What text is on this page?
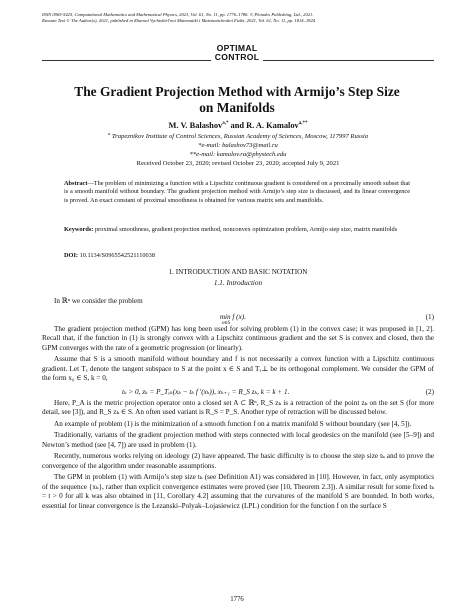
ISSN 0965-5425, Computational Mathematics and Mathematical Physics, 2021, Vol. 61, No. 11, pp. 1776–1786. © Pleiades Publishing, Ltd., 2021.
Russian Text © The Author(s), 2021, published in Zhurnal Vychislitel'noi Matematiki i Matematicheskoi Fiziki, 2021, Vol. 61, No. 11, pp. 1814–1824.
OPTIMAL
CONTROL
The Gradient Projection Method with Armijo’s Step Size on Manifolds
M. V. Balashov$^{a,*}$ and R. A. Kamalov$^{a,**}$
$^a$ Trapeznikov Institute of Control Sciences, Russian Academy of Sciences, Moscow, 117997 Russia
*e-mail: balashov73@mail.ru
**e-mail: kamalov.ra@phystech.edu
Received October 23, 2020; revised October 23, 2020; accepted July 9, 2021
Abstract—The problem of minimizing a function with a Lipschitz continuous gradient is considered on a proximally smooth subset that is a smooth manifold without boundary. The gradient projection method with Armijo’s step size is discussed, and its linear convergence is proved. An exact constant of proximal smoothness is obtained for various matrix sets and manifolds.
Keywords: proximal smoothness, gradient projection method, nonconvex optimization problem, Armijo step size, matrix manifolds
DOI: 10.1134/S0965542521110038
1. INTRODUCTION AND BASIC NOTATION
1.1. Introduction

In ℝⁿ we consider the problem

min f (x). $_{x\in S}$
(1)

The gradient projection method (GPM) has long been used for solving problem (1) in the convex case; it was proposed in [1, 2]. Recall that, if the function in (1) is strongly convex with a Lipschitz continuous gradient and the set S is convex and closed, then the GPM converges with the rate of a geometric progression (or linearly).

Assume that S is a smooth manifold without boundary and f is not necessarily a convex function with a Lipschitz continuous gradient. Let Tₓ denote the tangent subspace to S at the point x ∈ S and Tₓ⊥ be its orthogonal complement. We consider the GPM of the form x₀ ∈ S, k = 0,

tₖ > 0, zₖ = P_Tₓₖ(xₖ − tₖ f ′(xₖ)), xₖ₊₁ = R_S zₖ, k = k + 1.	(2)

Here, P_A is the metric projection operator onto a closed set A ⊂ ℝⁿ, R_S zₖ is a retraction of the point zₖ on the set S (for more detail, see [3]), and R_S zₖ ∈ S. An often used variant is R_S = P_S. Another type of retraction will be discussed below.

An example of problem (1) is the minimization of a smooth function f on a matrix manifold S without boundary (see [4, 5]).

Traditionally, variants of the gradient projection method with steps connected with local geodesics on the manifold (see [5–9]) and Newton’s method (see [4, 7]) are used in problem (1).

Recently, numerous works relying on ideology (2) have appeared. The basic difficulty is to choose the step size tₖ and to prove the convergence of the algorithm under reasonable assumptions.

The GPM in problem (1) with Armijo’s step size tₖ (see Definition A1) was considered in [10]. However, in fact, only asymptotics of the sequence {xₖ}, rather than explicit convergence estimates were proved (see [10, Theorem 2.3]). A similar result for some fixed tₖ = t > 0 for all k was also obtained in [11, Corollary 4.2] assuming that the curvatures of the manifold S are bounded. In both works, essential for linear convergence is the Lezanski–Polyak–Lojasiewicz (LPL) condition for the function f on the surface S

1776
